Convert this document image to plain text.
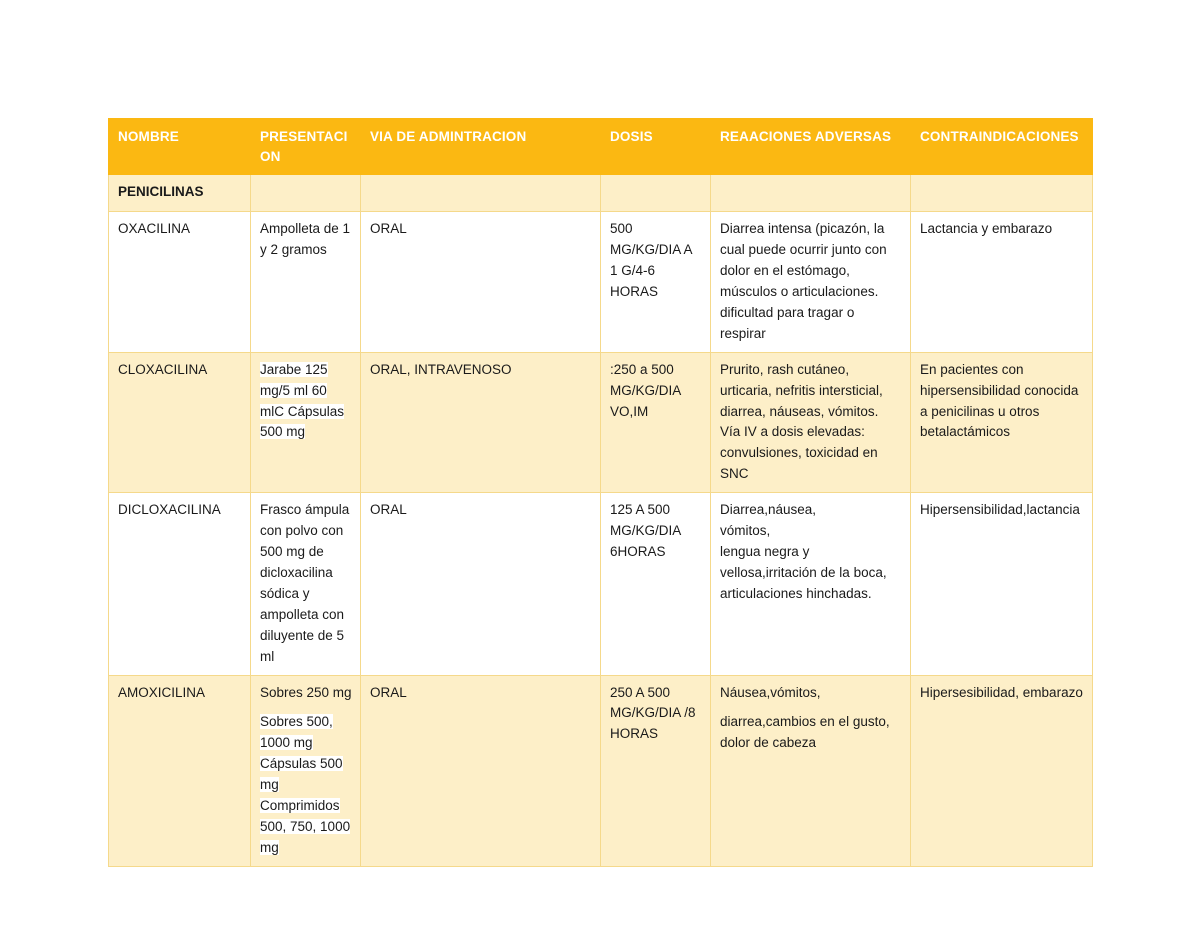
NOMBRE	PRESENTACI ON	VIA DE ADMINTRACION	DOSIS	REAACIONES ADVERSAS	CONTRAINDICACIONES
PENICILINAS					
OXACILINA	Ampolleta de 1 y 2 gramos	ORAL	500 MG/KG/DIA A 1 G/4-6 HORAS	Diarrea intensa (picazón, la cual puede ocurrir junto con dolor en el estómago, músculos o articulaciones. dificultad para tragar o respirar	Lactancia y embarazo
CLOXACILINA	Jarabe 125 mg/5 ml 60 mlC Cápsulas 500 mg	ORAL, INTRAVENOSO	:250 a 500 MG/KG/DIA VO,IM	Prurito, rash cutáneo, urticaria, nefritis intersticial, diarrea, náuseas, vómitos. Vía IV a dosis elevadas: convulsiones, toxicidad en SNC	En pacientes con hipersensibilidad conocida a penicilinas u otros betalactámicos
DICLOXACILINA	Frasco ámpula con polvo con 500 mg de dicloxacilina sódica y ampolleta con diluyente de 5 ml	ORAL	125 A 500 MG/KG/DIA 6HORAS	Diarrea,náusea,
vómitos,
lengua negra y vellosa,irritación de la boca,
articulaciones hinchadas.	Hipersensibilidad,lactancia
AMOXICILINA	Sobres 250 mg
Sobres 500, 1000 mg Cápsulas 500 mg Comprimidos 500, 750, 1000 mg	ORAL	250 A 500 MG/KG/DIA /8 HORAS	Náusea,vómitos,
diarrea,cambios en el gusto, dolor de cabeza	Hipersesibilidad, embarazo
